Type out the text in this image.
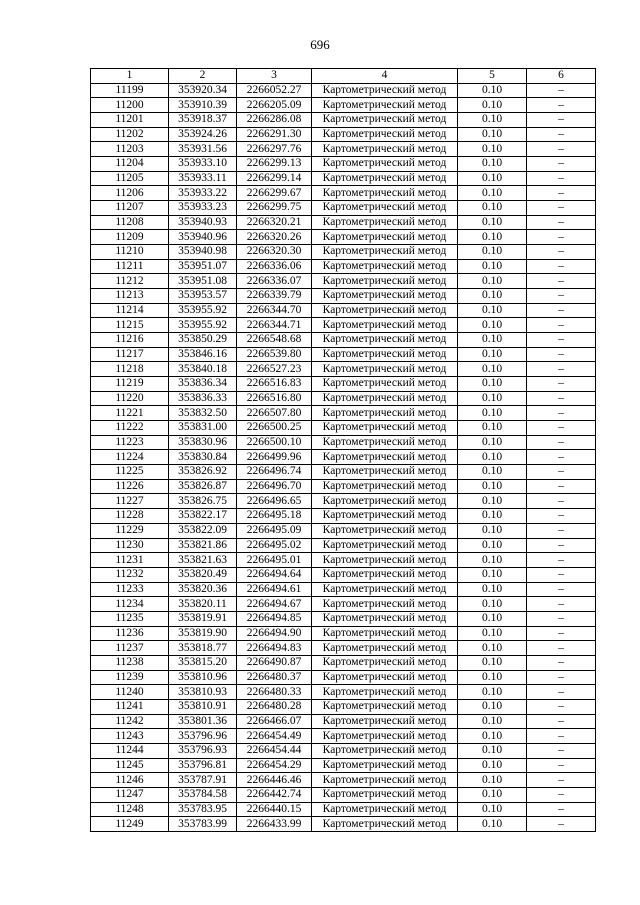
696
1	2	3	4	5	6
11199	353920.34	2266052.27	Картометрический метод	0.10	–
11200	353910.39	2266205.09	Картометрический метод	0.10	–
11201	353918.37	2266286.08	Картометрический метод	0.10	–
11202	353924.26	2266291.30	Картометрический метод	0.10	–
11203	353931.56	2266297.76	Картометрический метод	0.10	–
11204	353933.10	2266299.13	Картометрический метод	0.10	–
11205	353933.11	2266299.14	Картометрический метод	0.10	–
11206	353933.22	2266299.67	Картометрический метод	0.10	–
11207	353933.23	2266299.75	Картометрический метод	0.10	–
11208	353940.93	2266320.21	Картометрический метод	0.10	–
11209	353940.96	2266320.26	Картометрический метод	0.10	–
11210	353940.98	2266320.30	Картометрический метод	0.10	–
11211	353951.07	2266336.06	Картометрический метод	0.10	–
11212	353951.08	2266336.07	Картометрический метод	0.10	–
11213	353953.57	2266339.79	Картометрический метод	0.10	–
11214	353955.92	2266344.70	Картометрический метод	0.10	–
11215	353955.92	2266344.71	Картометрический метод	0.10	–
11216	353850.29	2266548.68	Картометрический метод	0.10	–
11217	353846.16	2266539.80	Картометрический метод	0.10	–
11218	353840.18	2266527.23	Картометрический метод	0.10	–
11219	353836.34	2266516.83	Картометрический метод	0.10	–
11220	353836.33	2266516.80	Картометрический метод	0.10	–
11221	353832.50	2266507.80	Картометрический метод	0.10	–
11222	353831.00	2266500.25	Картометрический метод	0.10	–
11223	353830.96	2266500.10	Картометрический метод	0.10	–
11224	353830.84	2266499.96	Картометрический метод	0.10	–
11225	353826.92	2266496.74	Картометрический метод	0.10	–
11226	353826.87	2266496.70	Картометрический метод	0.10	–
11227	353826.75	2266496.65	Картометрический метод	0.10	–
11228	353822.17	2266495.18	Картометрический метод	0.10	–
11229	353822.09	2266495.09	Картометрический метод	0.10	–
11230	353821.86	2266495.02	Картометрический метод	0.10	–
11231	353821.63	2266495.01	Картометрический метод	0.10	–
11232	353820.49	2266494.64	Картометрический метод	0.10	–
11233	353820.36	2266494.61	Картометрический метод	0.10	–
11234	353820.11	2266494.67	Картометрический метод	0.10	–
11235	353819.91	2266494.85	Картометрический метод	0.10	–
11236	353819.90	2266494.90	Картометрический метод	0.10	–
11237	353818.77	2266494.83	Картометрический метод	0.10	–
11238	353815.20	2266490.87	Картометрический метод	0.10	–
11239	353810.96	2266480.37	Картометрический метод	0.10	–
11240	353810.93	2266480.33	Картометрический метод	0.10	–
11241	353810.91	2266480.28	Картометрический метод	0.10	–
11242	353801.36	2266466.07	Картометрический метод	0.10	–
11243	353796.96	2266454.49	Картометрический метод	0.10	–
11244	353796.93	2266454.44	Картометрический метод	0.10	–
11245	353796.81	2266454.29	Картометрический метод	0.10	–
11246	353787.91	2266446.46	Картометрический метод	0.10	–
11247	353784.58	2266442.74	Картометрический метод	0.10	–
11248	353783.95	2266440.15	Картометрический метод	0.10	–
11249	353783.99	2266433.99	Картометрический метод	0.10	–
